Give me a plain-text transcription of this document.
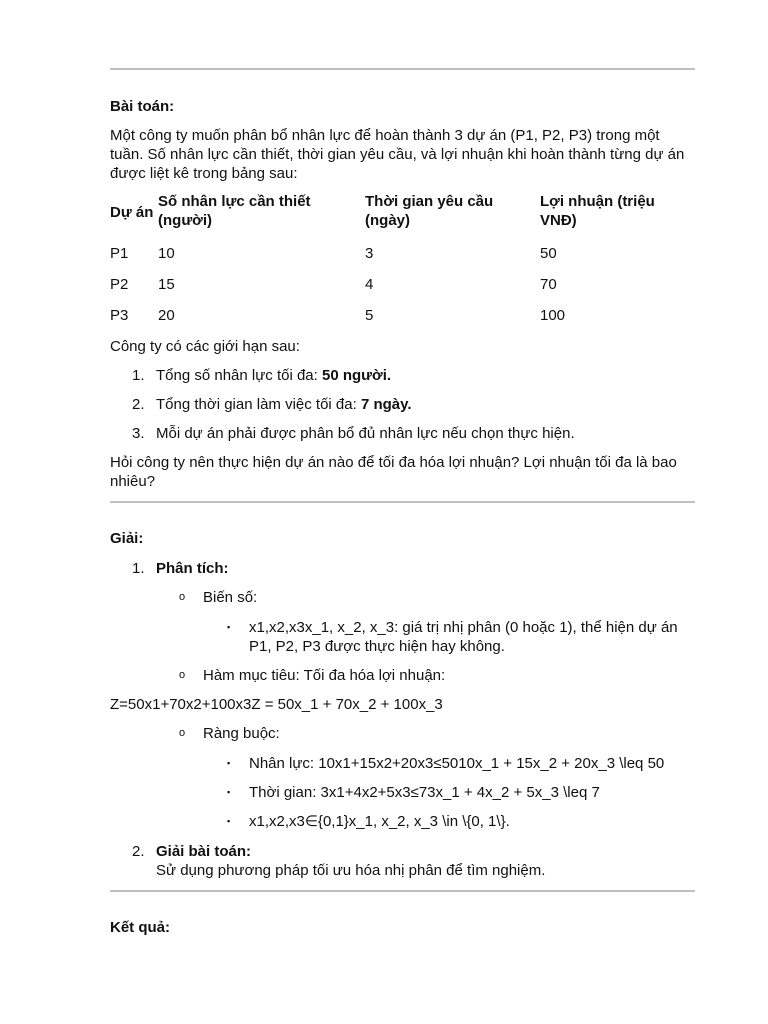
Bài toán:
Một công ty muốn phân bổ nhân lực để hoàn thành 3 dự án (P1, P2, P3) trong một tuần. Số nhân lực cần thiết, thời gian yêu cầu, và lợi nhuận khi hoàn thành từng dự án được liệt kê trong bảng sau:
Dự án	Số nhân lực cần thiết (người)	Thời gian yêu cầu (ngày)	Lợi nhuận (triệu VNĐ)
P1	10	3	50
P2	15	4	70
P3	20	5	100
Công ty có các giới hạn sau:
1. Tổng số nhân lực tối đa: 50 người.
2. Tổng thời gian làm việc tối đa: 7 ngày.
3. Mỗi dự án phải được phân bổ đủ nhân lực nếu chọn thực hiện.
Hỏi công ty nên thực hiện dự án nào để tối đa hóa lợi nhuận? Lợi nhuận tối đa là bao nhiêu?
Giải:
1. Phân tích:
o Biến số:
▪ x1,x2,x3x_1, x_2, x_3: giá trị nhị phân (0 hoặc 1), thể hiện dự án P1, P2, P3 được thực hiện hay không.
o Hàm mục tiêu: Tối đa hóa lợi nhuận:
Z=50x1+70x2+100x3Z = 50x_1 + 70x_2 + 100x_3
o Ràng buộc:
▪ Nhân lực: 10x1+15x2+20x3≤5010x_1 + 15x_2 + 20x_3 \leq 50
▪ Thời gian: 3x1+4x2+5x3≤73x_1 + 4x_2 + 5x_3 \leq 7
▪ x1,x2,x3∈{0,1}x_1, x_2, x_3 \in \{0, 1\}.
2. Giải bài toán:
Sử dụng phương pháp tối ưu hóa nhị phân để tìm nghiệm.
Kết quả:
